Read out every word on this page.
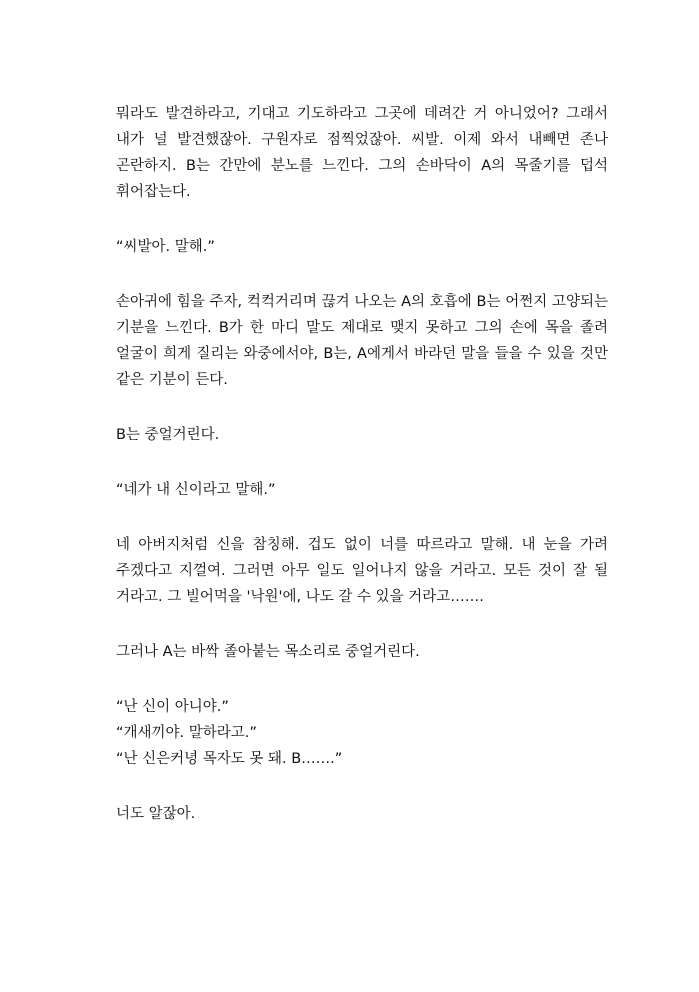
뭐라도 발견하라고, 기대고 기도하라고 그곳에 데려간 거 아니었어? 그래서 내가 널 발견했잖아. 구원자로 점찍었잖아. 씨발. 이제 와서 내빼면 존나 곤란하지. B는 간만에 분노를 느낀다. 그의 손바닥이 A의 목줄기를 덥석 휘어잡는다.

“씨발아. 말해.”

손아귀에 힘을 주자, 컥컥거리며 끊겨 나오는 A의 호흡에 B는 어쩐지 고양되는 기분을 느낀다. B가 한 마디 말도 제대로 맺지 못하고 그의 손에 목을 졸려 얼굴이 희게 질리는 와중에서야, B는, A에게서 바라던 말을 들을 수 있을 것만 같은 기분이 든다.

B는 중얼거린다.

“네가 내 신이라고 말해.”

네 아버지처럼 신을 참칭해. 겁도 없이 너를 따르라고 말해. 내 눈을 가려 주겠다고 지껄여. 그러면 아무 일도 일어나지 않을 거라고. 모든 것이 잘 될 거라고. 그 빌어먹을 '낙원'에, 나도 갈 수 있을 거라고…….

그러나 A는 바싹 졸아붙는 목소리로 중얼거린다.

“난 신이 아니야.”
“개새끼야. 말하라고.”
“난 신은커녕 목자도 못 돼. B…….”

너도 알잖아.
